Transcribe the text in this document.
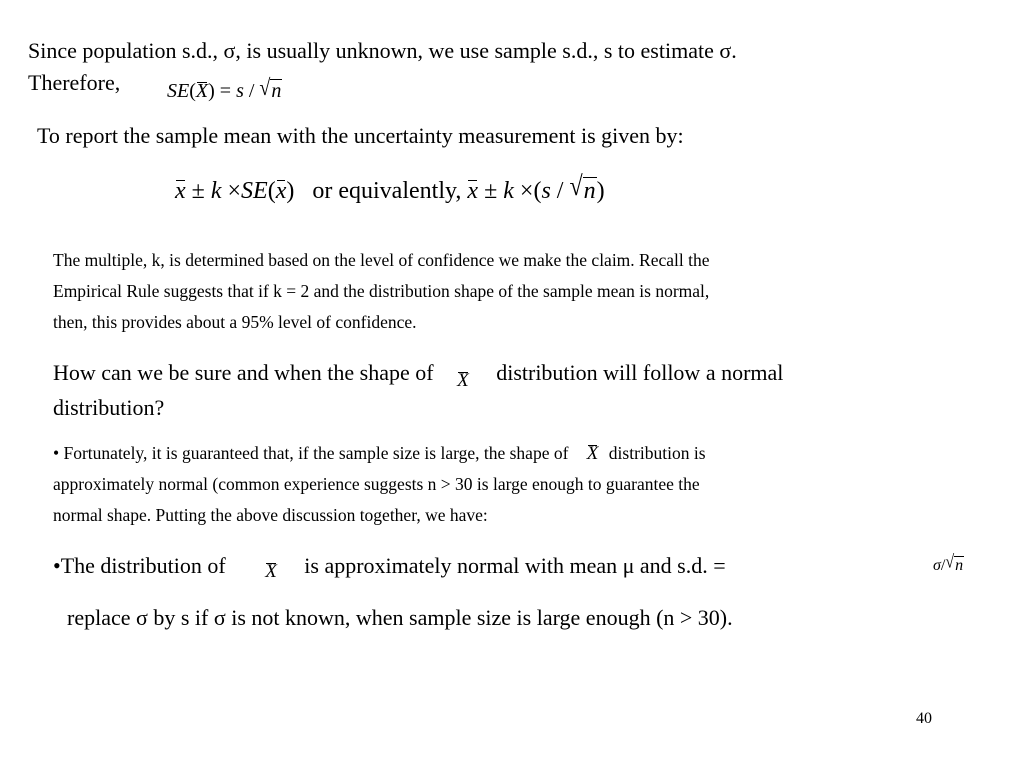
Since population s.d., σ, is usually unknown, we use sample s.d., s to estimate σ.
Therefore, SE(X) = s / √ n
To report the sample mean with the uncertainty measurement is given by:
x ± k ×SE(x) or equivalently, x ± k ×(s / √ n)
The multiple, k, is determined based on the level of confidence we make the claim. Recall the
Empirical Rule suggests that if k = 2 and the distribution shape of the sample mean is normal,
then, this provides about a 95% level of confidence.
How can we be sure and when the shape of X distribution will follow a normal
distribution?
• Fortunately, it is guaranteed that, if the sample size is large, the shape of X distribution is
approximately normal (common experience suggests n > 30 is large enough to guarantee the
normal shape. Putting the above discussion together, we have:
•The distribution of X is approximately normal with mean μ and s.d. =	σ/ √ n
replace σ by s if σ is not known, when sample size is large enough (n > 30).
40
